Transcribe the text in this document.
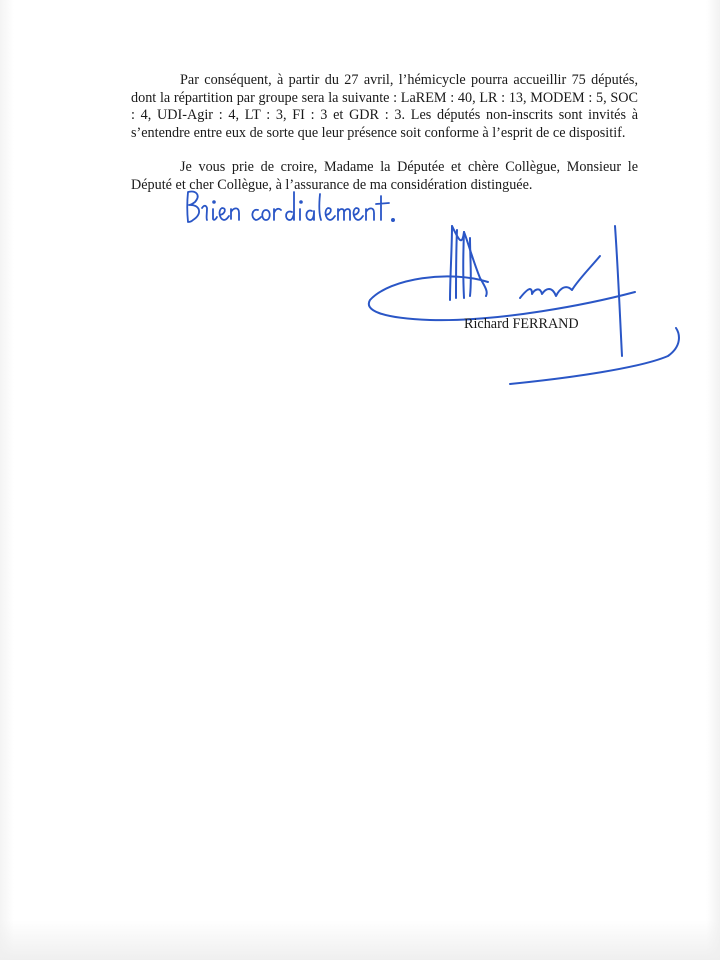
Par conséquent, à partir du 27 avril, l’hémicycle pourra accueillir 75 députés, dont la répartition par groupe sera la suivante : LaREM : 40, LR : 13, MODEM : 5, SOC : 4, UDI-Agir : 4, LT : 3, FI : 3 et GDR : 3. Les députés non-inscrits sont invités à s’entendre entre eux de sorte que leur présence soit conforme à l’esprit de ce dispositif.

Je vous prie de croire, Madame la Députée et chère Collègue, Monsieur le Député et cher Collègue, à l’assurance de ma considération distinguée.

Richard FERRAND
